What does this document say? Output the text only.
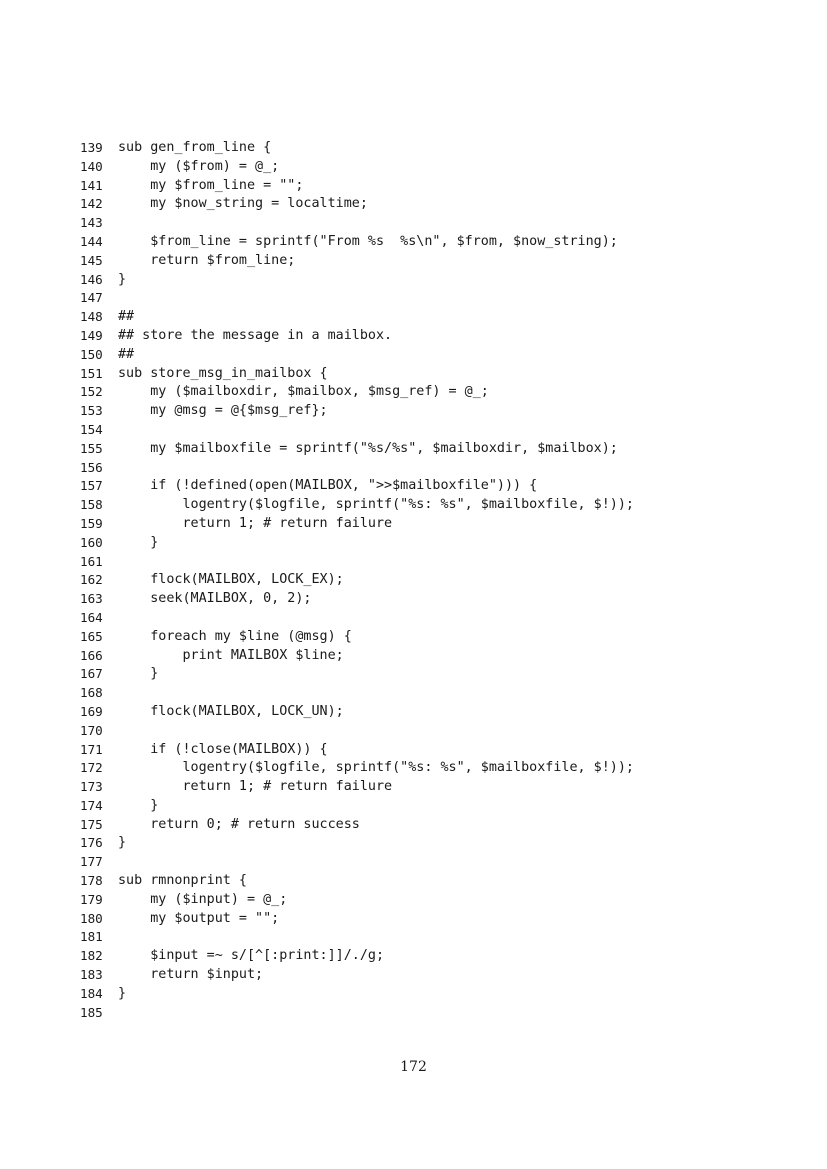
139	sub gen_from_line {
140	my ($from) = @_;
141	my $from_line = "";
142	my $now_string = localtime;
143
144	$from_line = sprintf("From %s  %s\n", $from, $now_string);
145	return $from_line;
146	}
147
148	##
149	## store the message in a mailbox.
150	##
151	sub store_msg_in_mailbox {
152	my ($mailboxdir, $mailbox, $msg_ref) = @_;
153	my @msg = @{$msg_ref};
154
155	my $mailboxfile = sprintf("%s/%s", $mailboxdir, $mailbox);
156
157	if (!defined(open(MAILBOX, ">>$mailboxfile"))) {
158	logentry($logfile, sprintf("%s: %s", $mailboxfile, $!));
159	return 1; # return failure
160	}
161
162	flock(MAILBOX, LOCK_EX);
163	seek(MAILBOX, 0, 2);
164
165	foreach my $line (@msg) {
166	print MAILBOX $line;
167	}
168
169	flock(MAILBOX, LOCK_UN);
170
171	if (!close(MAILBOX)) {
172	logentry($logfile, sprintf("%s: %s", $mailboxfile, $!));
173	return 1; # return failure
174	}
175	return 0; # return success
176	}
177
178	sub rmnonprint {
179	my ($input) = @_;
180	my $output = "";
181
182	$input =~ s/[^[:print:]]/./g;
183	return $input;
184	}
185
172
